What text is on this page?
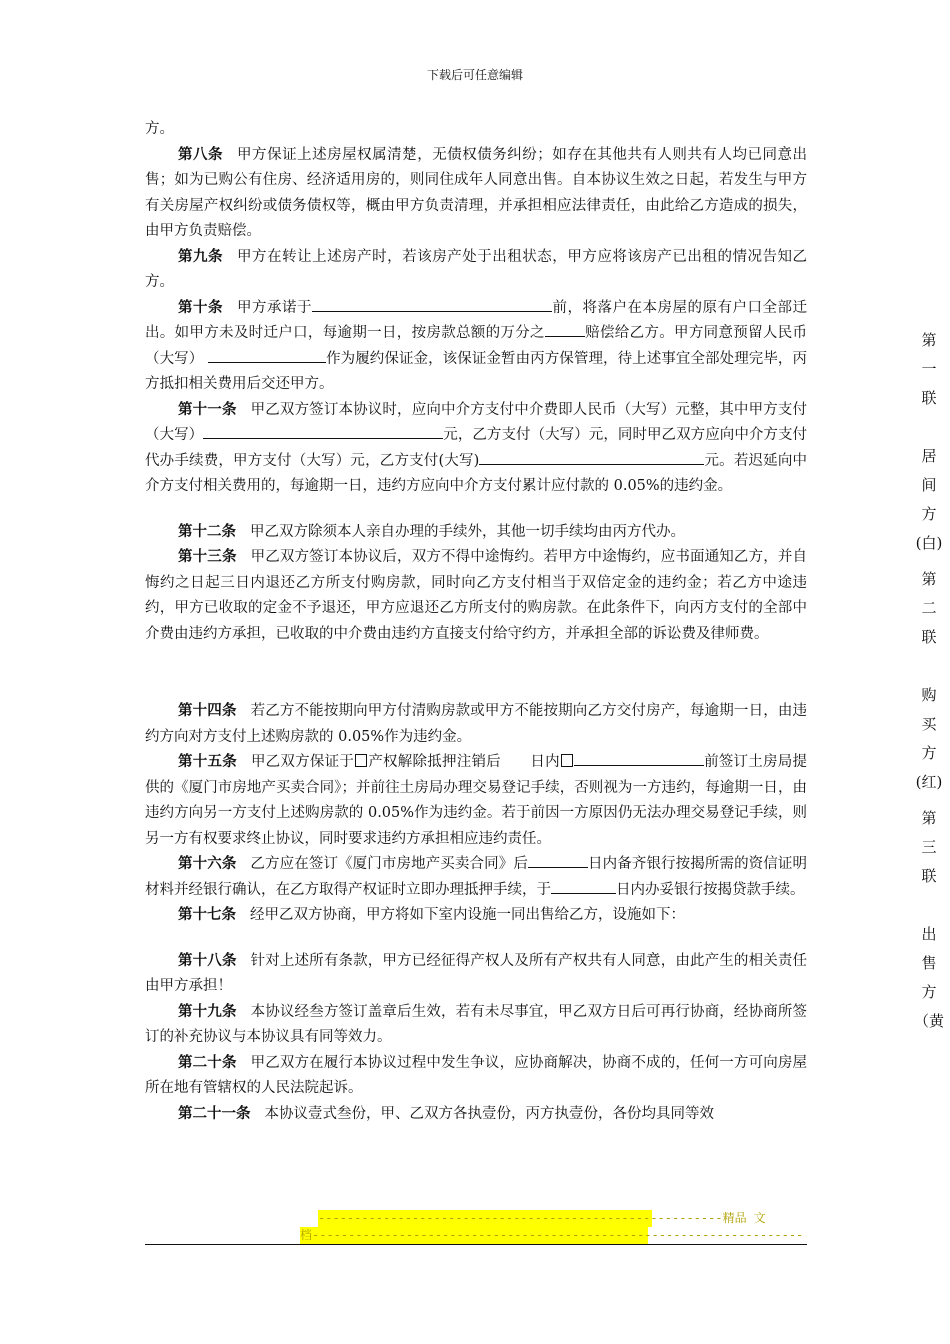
下载后可任意编辑

方。

第八条 甲方保证上述房屋权属清楚，无债权债务纠纷；如存在其他共有人则共有人均已同意出售；如为已购公有住房、经济适用房的，则同住成年人同意出售。自本协议生效之日起，若发生与甲方有关房屋产权纠纷或债务债权等，概由甲方负责清理，并承担相应法律责任，由此给乙方造成的损失，由甲方负责赔偿。

第九条 甲方在转让上述房产时，若该房产处于出租状态，甲方应将该房产已出租的情况告知乙方。

第十条 甲方承诺于	前，将落户在本房屋的原有户口全部迁出。如甲方未及时迁户口，每逾期一日，按房款总额的万分之	赔偿给乙方。甲方同意预留人民币（大写）	作为履约保证金，该保证金暂由丙方保管理，待上述事宜全部处理完毕，丙方抵扣相关费用后交还甲方。

第十一条 甲乙双方签订本协议时，应向中介方支付中介费即人民币（大写）元整，其中甲方支付（大写）	元，乙方支付（大写）元，同时甲乙双方应向中介方支付代办手续费，甲方支付（大写）元，乙方支付(大写)	元。若迟延向中介方支付相关费用的，每逾期一日，违约方应向中介方支付累计应付款的 0.05%的违约金。

第十二条 甲乙双方除须本人亲自办理的手续外，其他一切手续均由丙方代办。

第十三条 甲乙双方签订本协议后，双方不得中途悔约。若甲方中途悔约，应书面通知乙方，并自悔约之日起三日内退还乙方所支付购房款，同时向乙方支付相当于双倍定金的违约金；若乙方中途违约，甲方已收取的定金不予退还，甲方应退还乙方所支付的购房款。在此条件下，向丙方支付的全部中介费由违约方承担，已收取的中介费由违约方直接支付给守约方，并承担全部的诉讼费及律师费。

第十四条 若乙方不能按期向甲方付清购房款或甲方不能按期向乙方交付房产，每逾期一日，由违约方向对方支付上述购房款的 0.05%作为违约金。

第十五条 甲乙双方保证于 产权解除抵押注销后　　日内	前签订土房局提供的《厦门市房地产买卖合同》；并前往土房局办理交易登记手续，否则视为一方违约，每逾期一日，由违约方向另一方支付上述购房款的 0.05%作为违约金。若于前因一方原因仍无法办理交易登记手续，则另一方有权要求终止协议，同时要求违约方承担相应违约责任。

第十六条 乙方应在签订《厦门市房地产买卖合同》后	日内备齐银行按揭所需的资信证明材料并经银行确认，在乙方取得产权证时立即办理抵押手续，于	日内办妥银行按揭贷款手续。

第十七条 经甲乙双方协商，甲方将如下室内设施一同出售给乙方，设施如下：

第十八条 针对上述所有条款，甲方已经征得产权人及所有产权共有人同意，由此产生的相关责任由甲方承担！

第十九条 本协议经叁方签订盖章后生效，若有未尽事宜，甲乙双方日后可再行协商，经协商所签订的补充协议与本协议具有同等效力。

第二十条 甲乙双方在履行本协议过程中发生争议，应协商解决，协商不成的，任何一方可向房屋所在地有管辖权的人民法院起诉。

第二十一条 本协议壹式叁份，甲、乙双方各执壹份，丙方执壹份，各份均具同等效

第
一
联

居
间
方
(白)
第
二
联

购
买
方
(红)
第
三
联

出
售
方
（黄
--------------------------------------------------------精品 文
档--------------------------------------------------------------------
